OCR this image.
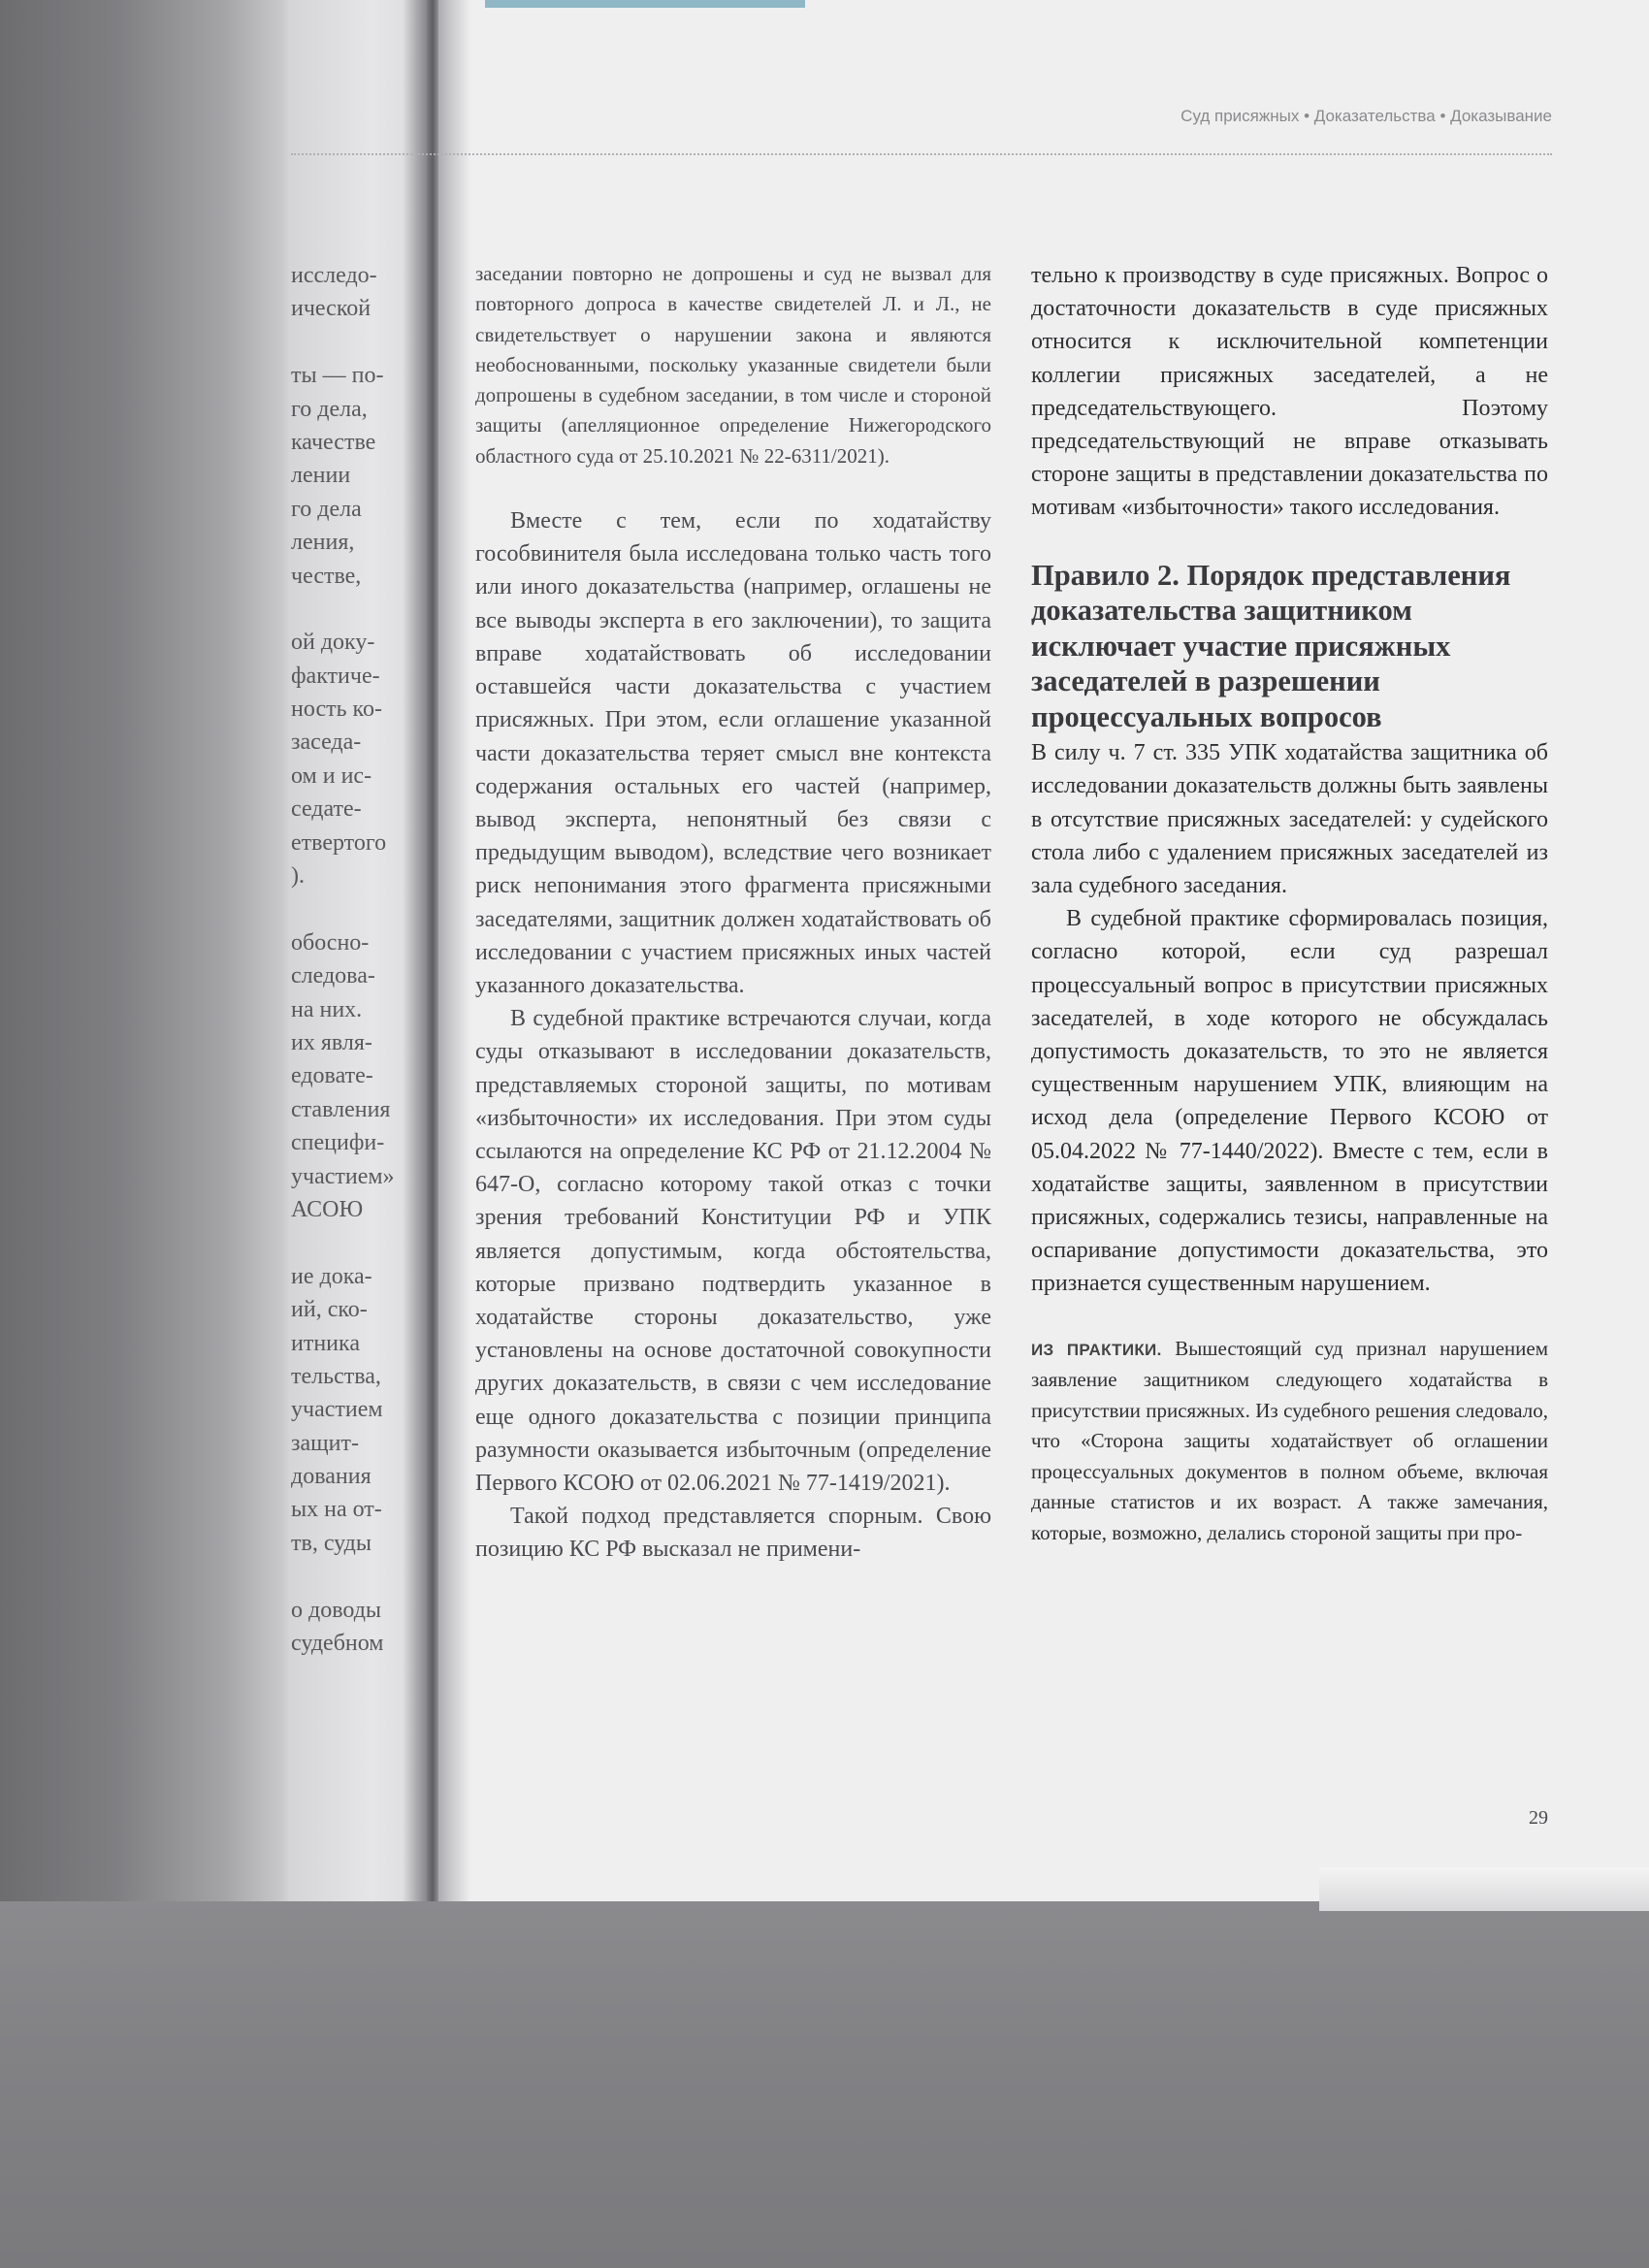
Суд присяжных • Доказательства • Доказывание
исследо-
ической
ты — по-
го дела,
качестве
лении
го дела
ления,
честве,
ой доку-
фактиче-
ность ко-
заседа-
ом и ис-
седате-
етвертого
).
обосно-
следова-
на них.
их явля-
едовате-
ставления
специфи-
участием»
АСОЮ
ие дока-
ий, ско-
итника
тельства,
участием
защит-
дования
ых на от-
тв, суды
о доводы
судебном

заседании повторно не допрошены и суд не вызвал для повторного допроса в качестве свидетелей Л. и Л., не свидетельствует о нарушении закона и являются необоснованными, поскольку указанные свидетели были допрошены в судебном заседании, в том числе и стороной защиты (апелляционное определение Нижегородского областного суда от 25.10.2021 № 22-6311/2021).

Вместе с тем, если по ходатайству гособвинителя была исследована только часть того или иного доказательства (например, оглашены не все выводы эксперта в его заключении), то защита вправе ходатайствовать об исследовании оставшейся части доказательства с участием присяжных. При этом, если оглашение указанной части доказательства теряет смысл вне контекста содержания остальных его частей (например, вывод эксперта, непонятный без связи с предыдущим выводом), вследствие чего возникает риск непонимания этого фрагмента присяжными заседателями, защитник должен ходатайствовать об исследовании с участием присяжных иных частей указанного доказательства.

В судебной практике встречаются случаи, когда суды отказывают в исследовании доказательств, представляемых стороной защиты, по мотивам «избыточности» их исследования. При этом суды ссылаются на определение КС РФ от 21.12.2004 № 647-О, согласно которому такой отказ с точки зрения требований Конституции РФ и УПК является допустимым, когда обстоятельства, которые призвано подтвердить указанное в ходатайстве стороны доказательство, уже установлены на основе достаточной совокупности других доказательств, в связи с чем исследование еще одного доказательства с позиции принципа разумности оказывается избыточным (определение Первого КСОЮ от 02.06.2021 № 77-1419/2021).

Такой подход представляется спорным. Свою позицию КС РФ высказал не примени-

тельно к производству в суде присяжных. Вопрос о достаточности доказательств в суде присяжных относится к исключительной компетенции коллегии присяжных заседателей, а не председательствующего. Поэтому председательствующий не вправе отказывать стороне защиты в представлении доказательства по мотивам «избыточности» такого исследования.

Правило 2. Порядок представления доказательства защитником исключает участие присяжных заседателей в разрешении процессуальных вопросов

В силу ч. 7 ст. 335 УПК ходатайства защитника об исследовании доказательств должны быть заявлены в отсутствие присяжных заседателей: у судейского стола либо с удалением присяжных заседателей из зала судебного заседания.

В судебной практике сформировалась позиция, согласно которой, если суд разрешал процессуальный вопрос в присутствии присяжных заседателей, в ходе которого не обсуждалась допустимость доказательств, то это не является существенным нарушением УПК, влияющим на исход дела (определение Первого КСОЮ от 05.04.2022 № 77-1440/2022). Вместе с тем, если в ходатайстве защиты, заявленном в присутствии присяжных, содержались тезисы, направленные на оспаривание допустимости доказательства, это признается существенным нарушением.

ИЗ ПРАКТИКИ. Вышестоящий суд признал нарушением заявление защитником следующего ходатайства в присутствии присяжных. Из судебного решения следовало, что «Сторона защиты ходатайствует об оглашении процессуальных документов в полном объеме, включая данные статистов и их возраст. А также замечания, которые, возможно, делались стороной защиты при про-

29
